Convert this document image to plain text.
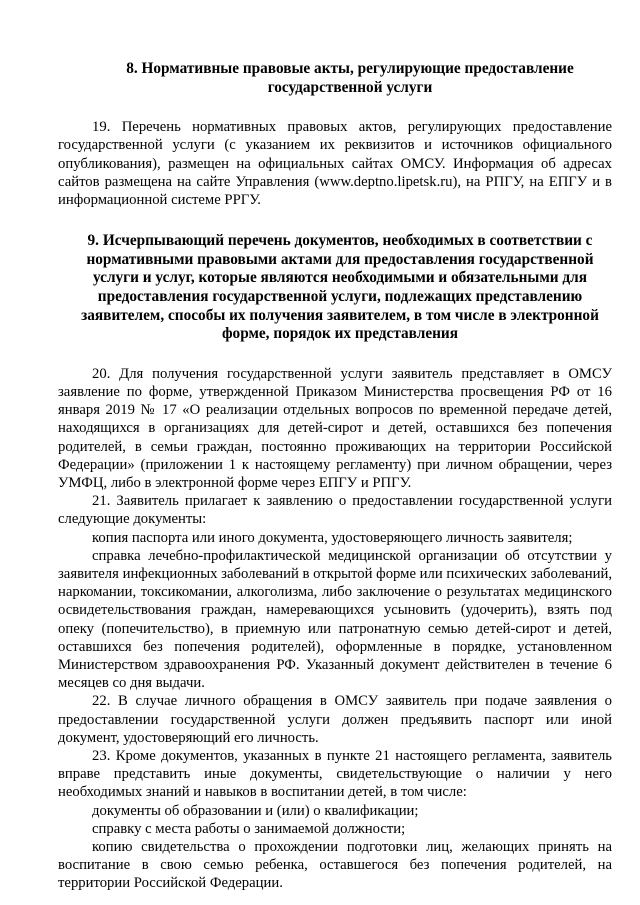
8. Нормативные правовые акты, регулирующие предоставление государственной услуги

19. Перечень нормативных правовых актов, регулирующих предоставление государственной услуги (с указанием их реквизитов и источников официального опубликования), размещен на официальных сайтах ОМСУ. Информация об адресах сайтов размещена на сайте Управления (www.deptno.lipetsk.ru), на РПГУ, на ЕПГУ и в информационной системе РРГУ.

9. Исчерпывающий перечень документов, необходимых в соответствии с нормативными правовыми актами для предоставления государственной услуги и услуг, которые являются необходимыми и обязательными для предоставления государственной услуги, подлежащих представлению заявителем, способы их получения заявителем, в том числе в электронной форме, порядок их представления

20. Для получения государственной услуги заявитель представляет в ОМСУ заявление по форме, утвержденной Приказом Министерства просвещения РФ от 16 января 2019 № 17 «О реализации отдельных вопросов по временной передаче детей, находящихся в организациях для детей-сирот и детей, оставшихся без попечения родителей, в семьи граждан, постоянно проживающих на территории Российской Федерации» (приложении 1 к настоящему регламенту) при личном обращении, через УМФЦ, либо в электронной форме через ЕПГУ и РПГУ.

21. Заявитель прилагает к заявлению о предоставлении государственной услуги следующие документы:

копия паспорта или иного документа, удостоверяющего личность заявителя;

справка лечебно-профилактической медицинской организации об отсутствии у заявителя инфекционных заболеваний в открытой форме или психических заболеваний, наркомании, токсикомании, алкоголизма, либо заключение о результатах медицинского освидетельствования граждан, намеревающихся усыновить (удочерить), взять под опеку (попечительство), в приемную или патронатную семью детей-сирот и детей, оставшихся без попечения родителей), оформленные в порядке, установленном Министерством здравоохранения РФ. Указанный документ действителен в течение 6 месяцев со дня выдачи.

22. В случае личного обращения в ОМСУ заявитель при подаче заявления о предоставлении государственной услуги должен предъявить паспорт или иной документ, удостоверяющий его личность.

23. Кроме документов, указанных в пункте 21 настоящего регламента, заявитель вправе представить иные документы, свидетельствующие о наличии у него необходимых знаний и навыков в воспитании детей, в том числе:

документы об образовании и (или) о квалификации;

справку с места работы о занимаемой должности;

копию свидетельства о прохождении подготовки лиц, желающих принять на воспитание в свою семью ребенка, оставшегося без попечения родителей, на территории Российской Федерации.
